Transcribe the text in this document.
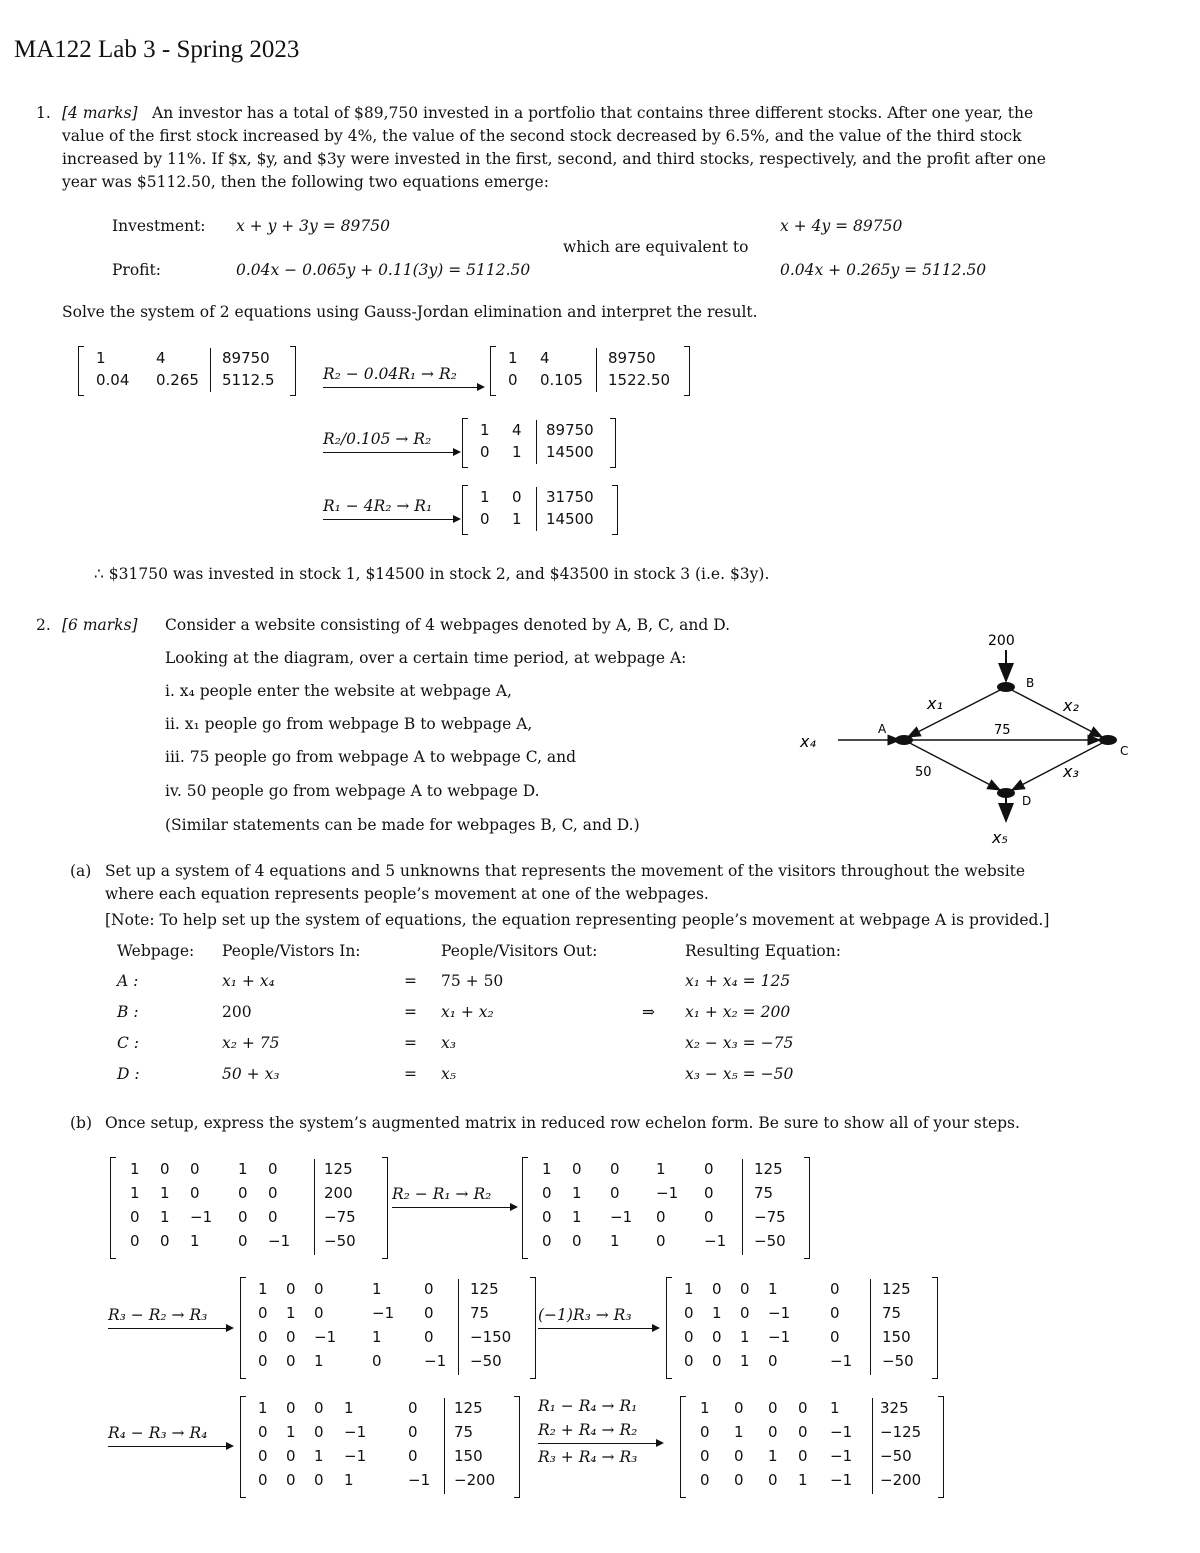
MA122 Lab 3 - Spring 2023
1. [4 marks] An investor has a total of $89,750 invested in a portfolio that contains three different stocks. After one year, the
value of the first stock increased by 4%, the value of the second stock decreased by 6.5%, and the value of the third stock
increased by 11%. If $x, $y, and $3y were invested in the first, second, and third stocks, respectively, and the profit after one
year was $5112.50, then the following two equations emerge:
Investment: x + y + 3y = 89750
Profit:	0.04x − 0.065y + 0.11(3y) = 5112.50
which are equivalent to
x + 4y = 89750
0.04x + 0.265y = 5112.50
Solve the system of 2 equations using Gauss-Jordan elimination and interpret the result.
1	4	89750
0.04 0.265 5112.5	R₂ − 0.04R₁ → R₂
1 4	89750
0 0.105 1522.50
R₂/0.105 → R₂	1 4 89750
0 1 14500
R₁ − 4R₂ → R₁	1 0 31750
0 1 14500
∴ $31750 was invested in stock 1, $14500 in stock 2, and $43500 in stock 3 (i.e. $3y).
2. [6 marks] Consider a website consisting of 4 webpages denoted by A, B, C, and D.
Looking at the diagram, over a certain time period, at webpage A:
i. x₄ people enter the website at webpage A,
ii. x₁ people go from webpage B to webpage A,
iii. 75 people go from webpage A to webpage C, and
iv. 50 people go from webpage A to webpage D.
(Similar statements can be made for webpages B, C, and D.)
200
B
A
C
D
x₁	x₂
x₃
x₄
x₅
75
50
(a) Set up a system of 4 equations and 5 unknowns that represents the movement of the visitors throughout the website
where each equation represents people’s movement at one of the webpages.
[Note: To help set up the system of equations, the equation representing people’s movement at webpage A is provided.]
Webpage: People/Vistors In:	People/Visitors Out:	Resulting Equation:
A :	x₁ + x₄	= 75 + 50	x₁ + x₄ = 125
B :	200	= x₁ + x₂	⇒ x₁ + x₂ = 200
C :	x₂ + 75	= x₃	x₂ − x₃ = −75
D :	50 + x₃	= x₅	x₃ − x₅ = −50
(b) Once setup, express the system’s augmented matrix in reduced row echelon form. Be sure to show all of your steps.
1 0 0	1 0	125
1 1 0	0 0	200
0 1 −1 0 0	−75
0 0 1	0 −1 −50
R₂ − R₁ → R₂
1 0 0 1	0	125
0 1 0 −1 0	75
0 1 −1 0	0	−75
0 0 1 0	−1 −50
R₃ − R₂ → R₃
1 0 0	1	0 125
0 1 0	−1 0 75
0 0 −1 1	0 −150
0 0 1	0	−1 −50
(−1)R₃ → R₃
1 0 0 1	0	125
0 1 0 −1	0	75
0 0 1 −1	0	150
0 0 1 0	−1 −50
R₄ − R₃ → R₄
1 0 0 1	0 125
0 1 0 −1	0 75
0 0 1 −1	0 150
0 0 0 1	−1 −200
R₁ − R₄ → R₁
R₂ + R₄ → R₂
R₃ + R₄ → R₃
1 0 0 0 1	325
0 1 0 0 −1 −125
0 0 1 0 −1 −50
0 0 0 1 −1 −200
